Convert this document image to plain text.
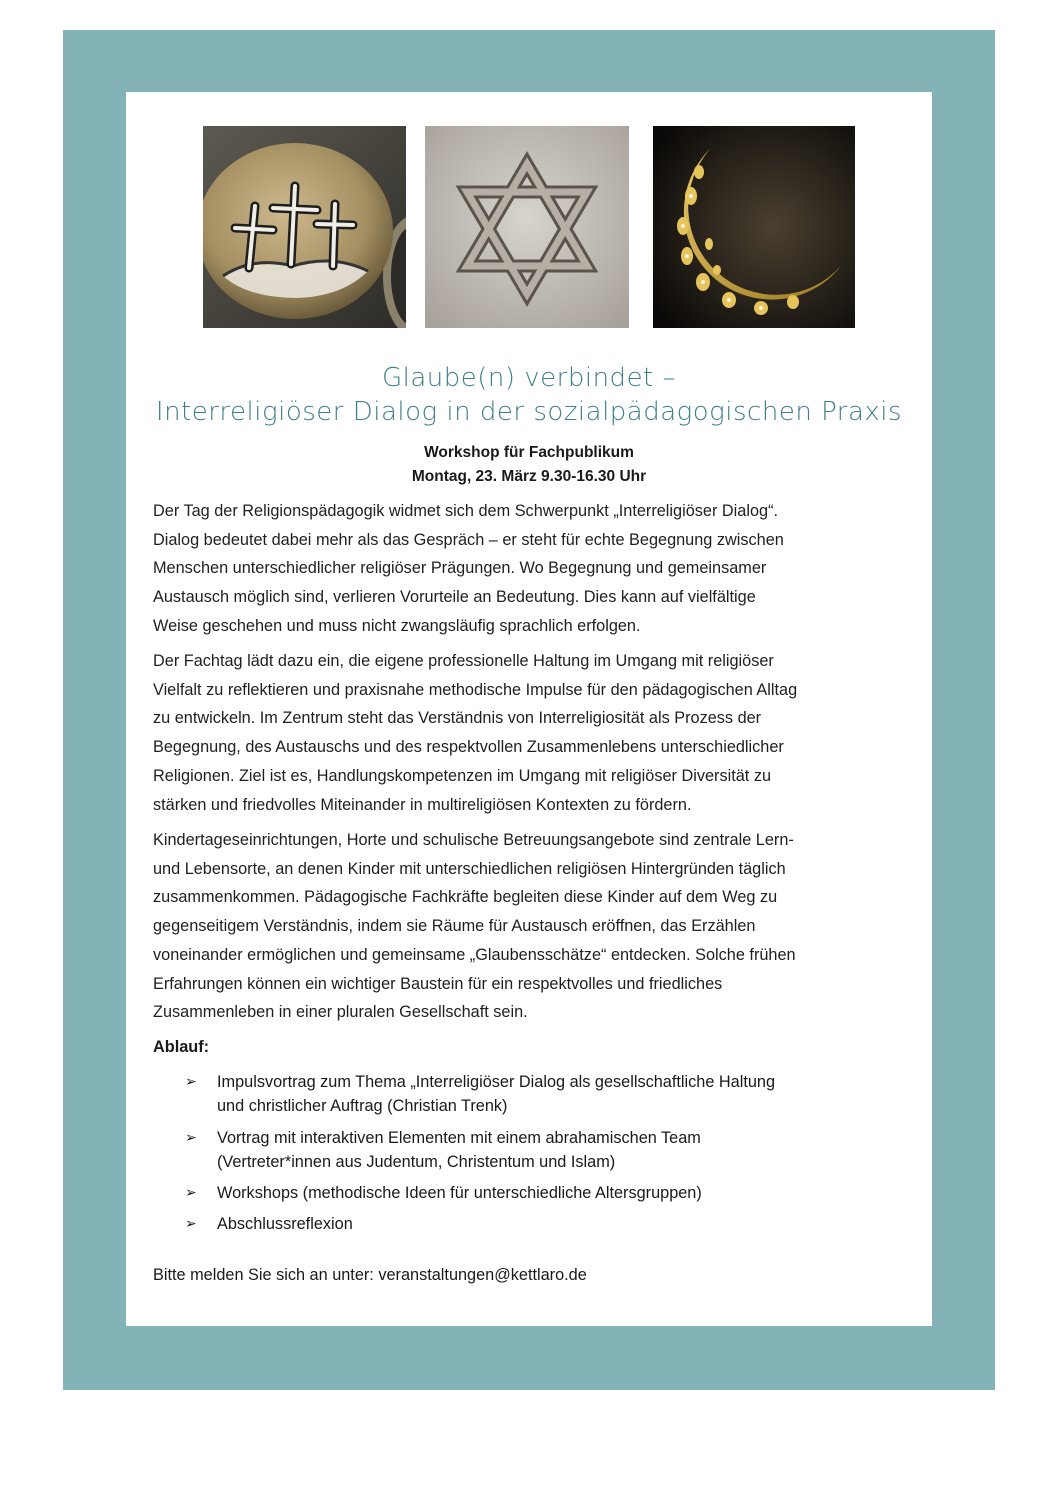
Glaube(n) verbindet –
Interreligiöser Dialog in der sozialpädagogischen Praxis
Workshop für Fachpublikum
Montag, 23. März 9.30-16.30 Uhr
Der Tag der Religionspädagogik widmet sich dem Schwerpunkt „Interreligiöser Dialog“.
Dialog bedeutet dabei mehr als das Gespräch – er steht für echte Begegnung zwischen
Menschen unterschiedlicher religiöser Prägungen. Wo Begegnung und gemeinsamer
Austausch möglich sind, verlieren Vorurteile an Bedeutung. Dies kann auf vielfältige
Weise geschehen und muss nicht zwangsläufig sprachlich erfolgen.
Der Fachtag lädt dazu ein, die eigene professionelle Haltung im Umgang mit religiöser
Vielfalt zu reflektieren und praxisnahe methodische Impulse für den pädagogischen Alltag
zu entwickeln. Im Zentrum steht das Verständnis von Interreligiosität als Prozess der
Begegnung, des Austauschs und des respektvollen Zusammenlebens unterschiedlicher
Religionen. Ziel ist es, Handlungskompetenzen im Umgang mit religiöser Diversität zu
stärken und friedvolles Miteinander in multireligiösen Kontexten zu fördern.
Kindertageseinrichtungen, Horte und schulische Betreuungsangebote sind zentrale Lern-
und Lebensorte, an denen Kinder mit unterschiedlichen religiösen Hintergründen täglich
zusammenkommen. Pädagogische Fachkräfte begleiten diese Kinder auf dem Weg zu
gegenseitigem Verständnis, indem sie Räume für Austausch eröffnen, das Erzählen
voneinander ermöglichen und gemeinsame „Glaubensschätze“ entdecken. Solche frühen
Erfahrungen können ein wichtiger Baustein für ein respektvolles und friedliches
Zusammenleben in einer pluralen Gesellschaft sein.
Ablauf:
➢ Impulsvortrag zum Thema „Interreligiöser Dialog als gesellschaftliche Haltung
und christlicher Auftrag (Christian Trenk)
➢ Vortrag mit interaktiven Elementen mit einem abrahamischen Team
(Vertreter*innen aus Judentum, Christentum und Islam)
➢ Workshops (methodische Ideen für unterschiedliche Altersgruppen)
➢ Abschlussreflexion
Bitte melden Sie sich an unter: veranstaltungen@kettlaro.de
